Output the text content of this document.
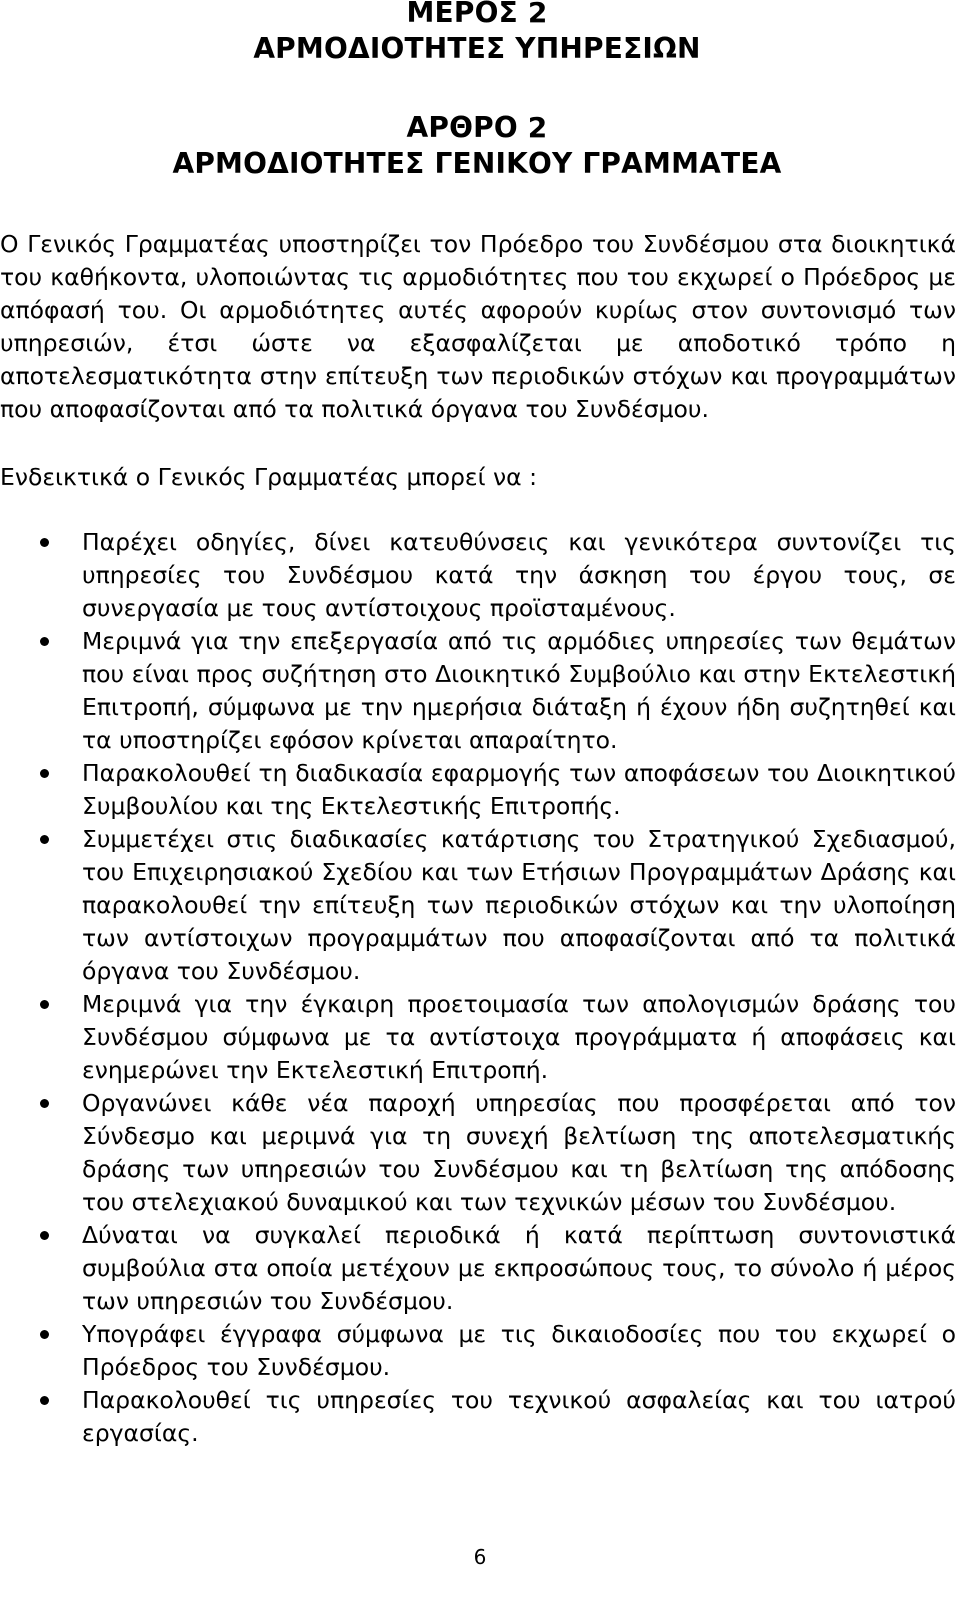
ΜΕΡΟΣ 2

ΑΡΜΟΔΙΟΤΗΤΕΣ ΥΠΗΡΕΣΙΩΝ

ΑΡΘΡΟ 2

ΑΡΜΟΔΙΟΤΗΤΕΣ ΓΕΝΙΚΟΥ ΓΡΑΜΜΑΤΕΑ

Ο Γενικός Γραμματέας υποστηρίζει τον Πρόεδρο του Συνδέσμου στα διοικητικά του καθήκοντα, υλοποιώντας τις αρμοδιότητες που του εκχωρεί ο Πρόεδρος με απόφασή του. Οι αρμοδιότητες αυτές αφορούν κυρίως στον συντονισμό των υπηρεσιών, έτσι ώστε να εξασφαλίζεται με αποδοτικό τρόπο η αποτελεσματικότητα στην επίτευξη των περιοδικών στόχων και προγραμμάτων που αποφασίζονται από τα πολιτικά όργανα του Συνδέσμου.

Ενδεικτικά ο Γενικός Γραμματέας μπορεί να :

Παρέχει οδηγίες, δίνει κατευθύνσεις και γενικότερα συντονίζει τις υπηρεσίες του Συνδέσμου κατά την άσκηση του έργου τους, σε συνεργασία με τους αντίστοιχους προϊσταμένους.
Μεριμνά για την επεξεργασία από τις αρμόδιες υπηρεσίες των θεμάτων που είναι προς συζήτηση στο Διοικητικό Συμβούλιο και στην Εκτελεστική Επιτροπή, σύμφωνα με την ημερήσια διάταξη ή έχουν ήδη συζητηθεί και τα υποστηρίζει εφόσον κρίνεται απαραίτητο.
Παρακολουθεί τη διαδικασία εφαρμογής των αποφάσεων του Διοικητικού Συμβουλίου και της Εκτελεστικής Επιτροπής.
Συμμετέχει στις διαδικασίες κατάρτισης του Στρατηγικού Σχεδιασμού, του Επιχειρησιακού Σχεδίου και των Ετήσιων Προγραμμάτων Δράσης και παρακολουθεί την επίτευξη των περιοδικών στόχων και την υλοποίηση των αντίστοιχων προγραμμάτων που αποφασίζονται από τα πολιτικά όργανα του Συνδέσμου.
Μεριμνά για την έγκαιρη προετοιμασία των απολογισμών δράσης του Συνδέσμου σύμφωνα με τα αντίστοιχα προγράμματα ή αποφάσεις και ενημερώνει την Εκτελεστική Επιτροπή.
Οργανώνει κάθε νέα παροχή υπηρεσίας που προσφέρεται από τον Σύνδεσμο και μεριμνά για τη συνεχή βελτίωση της αποτελεσματικής δράσης των υπηρεσιών του Συνδέσμου και τη βελτίωση της απόδοσης του στελεχιακού δυναμικού και των τεχνικών μέσων του Συνδέσμου.
Δύναται να συγκαλεί περιοδικά ή κατά περίπτωση συντονιστικά συμβούλια στα οποία μετέχουν με εκπροσώπους τους, το σύνολο ή μέρος των υπηρεσιών του Συνδέσμου.
Υπογράφει έγγραφα σύμφωνα με τις δικαιοδοσίες που του εκχωρεί ο Πρόεδρος του Συνδέσμου.
Παρακολουθεί τις υπηρεσίες του τεχνικού ασφαλείας και του ιατρού εργασίας.
6
